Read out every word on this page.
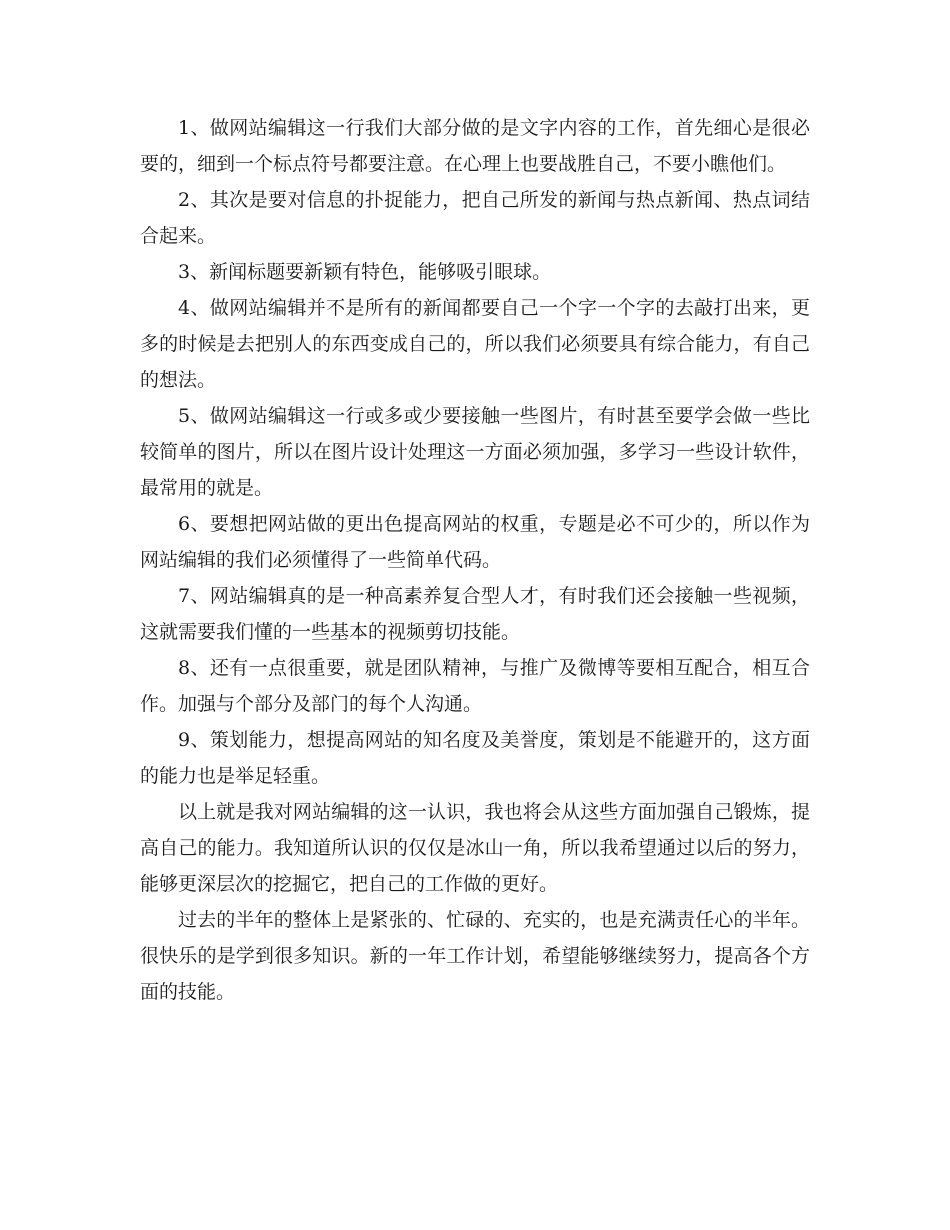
1、做网站编辑这一行我们大部分做的是文字内容的工作，首先细心是很必要的，细到一个标点符号都要注意。在心理上也要战胜自己，不要小瞧他们。

2、其次是要对信息的扑捉能力，把自己所发的新闻与热点新闻、热点词结合起来。

3、新闻标题要新颖有特色，能够吸引眼球。

4、做网站编辑并不是所有的新闻都要自己一个字一个字的去敲打出来，更多的时候是去把别人的东西变成自己的，所以我们必须要具有综合能力，有自己的想法。

5、做网站编辑这一行或多或少要接触一些图片，有时甚至要学会做一些比较简单的图片，所以在图片设计处理这一方面必须加强，多学习一些设计软件，最常用的就是。

6、要想把网站做的更出色提高网站的权重，专题是必不可少的，所以作为网站编辑的我们必须懂得了一些简单代码。

7、网站编辑真的是一种高素养复合型人才，有时我们还会接触一些视频，这就需要我们懂的一些基本的视频剪切技能。

8、还有一点很重要，就是团队精神，与推广及微博等要相互配合，相互合作。加强与个部分及部门的每个人沟通。

9、策划能力，想提高网站的知名度及美誉度，策划是不能避开的，这方面的能力也是举足轻重。

以上就是我对网站编辑的这一认识，我也将会从这些方面加强自己锻炼，提高自己的能力。我知道所认识的仅仅是冰山一角，所以我希望通过以后的努力，能够更深层次的挖掘它，把自己的工作做的更好。

过去的半年的整体上是紧张的、忙碌的、充实的，也是充满责任心的半年。很快乐的是学到很多知识。新的一年工作计划，希望能够继续努力，提高各个方面的技能。
